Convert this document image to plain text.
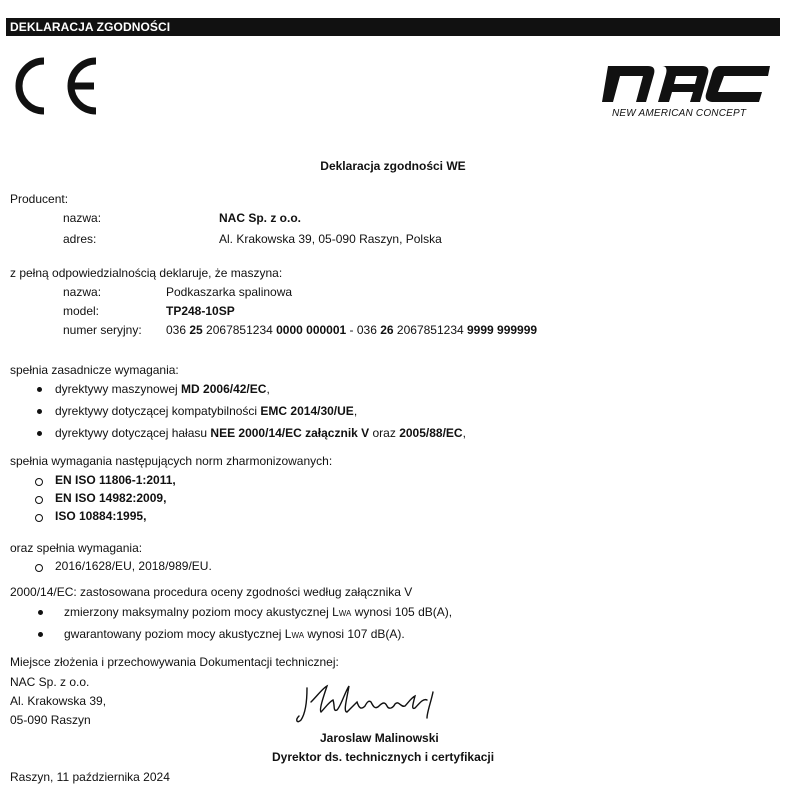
DEKLARACJA ZGODNOŚCI
NEW AMERICAN CONCEPT
Deklaracja zgodności WE
Producent:
nazwa:	NAC Sp. z o.o.
adres:	Al. Krakowska 39, 05-090 Raszyn, Polska
z pełną odpowiedzialnością deklaruje, że maszyna:
nazwa:	Podkaszarka spalinowa
model:	TP248-10SP
numer seryjny: 036 25 2067851234 0000 000001 - 036 26 2067851234 9999 999999
spełnia zasadnicze wymagania:
dyrektywy maszynowej MD 2006/42/EC,
dyrektywy dotyczącej kompatybilności EMC 2014/30/UE,
dyrektywy dotyczącej hałasu NEE 2000/14/EC załącznik V oraz 2005/88/EC,
spełnia wymagania następujących norm zharmonizowanych:
EN ISO 11806-1:2011,
EN ISO 14982:2009,
ISO 10884:1995,
oraz spełnia wymagania:
2016/1628/EU, 2018/989/EU.
2000/14/EC: zastosowana procedura oceny zgodności według załącznika V
zmierzony maksymalny poziom mocy akustycznej LWA wynosi 105 dB(A),
gwarantowany poziom mocy akustycznej LWA wynosi 107 dB(A).
Miejsce złożenia i przechowywania Dokumentacji technicznej:
NAC Sp. z o.o.
Al. Krakowska 39,
05-090 Raszyn
Jaroslaw Malinowski
Dyrektor ds. technicznych i certyfikacji
Raszyn, 11 października 2024
